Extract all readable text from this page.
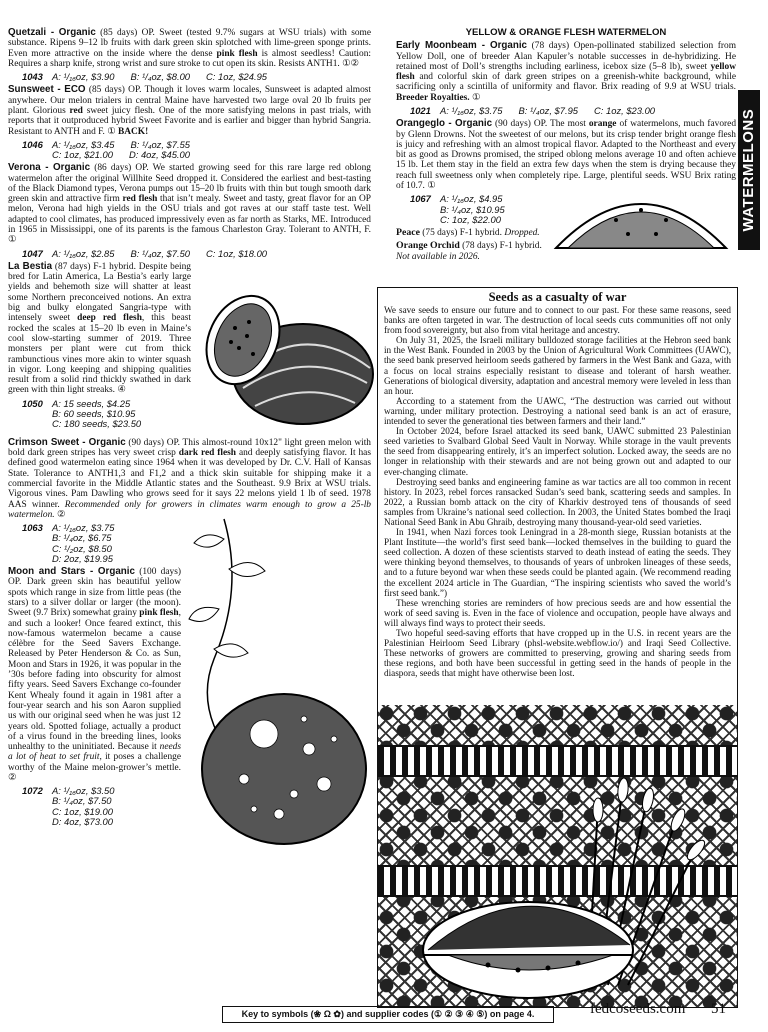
Quetzali - Organic (85 days) OP. Sweet (tested 9.7% sugars at WSU trials) with some substance. Ripens 9–12 lb fruits with dark green skin splotched with lime-green sponge prints. Even more attractive on the inside where the dense pink flesh is almost seedless! Caution: Requires a sharp knife, strong wrist and sure stroke to cut open its skin. Resists ANTH1. ①②

1043 A: ¹/₁₆oz, $3.90 B: ¹/₄oz, $8.00 C: 1oz, $24.95

Sunsweet - ECO (85 days) OP. Though it loves warm locales, Sunsweet is adapted almost anywhere. Our melon trialers in central Maine have harvested two large oval 20 lb fruits per plant. Glorious red sweet juicy flesh. One of the more satisfying melons in past trials, with reports that it outproduced hybrid Sweet Favorite and is earlier and bigger than hybrid Sangria. Resistant to ANTH and F. ① BACK!

1046 A: ¹/₁₆oz, $3.45 B: ¹/₄oz, $7.55
C: 1oz, $21.00 D: 4oz, $45.00

Verona - Organic (86 days) OP. We started growing seed for this rare large red oblong watermelon after the original Willhite Seed dropped it. Considered the earliest and best-tasting of the Black Diamond types, Verona pumps out 15–20 lb fruits with thin but tough smooth dark green skin and attractive firm red flesh that isn’t mealy. Sweet and tasty, great flavor for an OP melon, Verona had high yields in the OSU trials and got raves at our staff taste test. Well adapted to cool climates, has produced impressively even as far north as Starks, ME. Introduced in 1965 in Mississippi, one of its parents is the famous Charleston Gray. Tolerant to ANTH, F. ①

1047 A: ¹/₁₆oz, $2.85 B: ¹/₄oz, $7.50 C: 1oz, $18.00

La Bestia (87 days) F-1 hybrid. Despite being bred for Latin America, La Bestia’s early large yields and behemoth size will shatter at least some Northern preconceived notions. An extra big and bulky elongated Sangria-type with intensely sweet deep red flesh, this beast rocked the scales at 15–20 lb even in Maine’s cool slow-starting summer of 2019. Three monsters per plant were cut from thick rambunctious vines more akin to winter squash in vigor. Long keeping and shipping qualities result from a solid rind thickly swathed in dark green with thin light streaks. ④

1050 A: 15 seeds, $4.25
B: 60 seeds, $10.95
C: 180 seeds, $23.50

Crimson Sweet - Organic (90 days) OP. This almost-round 10x12" light green melon with bold dark green stripes has very sweet crisp dark red flesh and deeply satisfying flavor. It has defined good watermelon eating since 1964 when it was developed by Dr. C.V. Hall of Kansas State. Tolerance to ANTH1,3 and F1,2 and a thick skin suitable for shipping make it a commercial favorite in the Middle Atlantic states and the Southeast. 9.9 Brix at WSU trials. Vigorous vines. Pam Dawling who grows seed for it says 22 melons yield 1 lb of seed. 1978 AAS winner. Recommended only for growers in climates warm enough to grow a 25-lb watermelon. ②

1063 A: ¹/₁₆oz, $3.75
B: ¹/₄oz, $6.75
C: ¹/₂oz, $8.50
D: 2oz, $19.95

Moon and Stars - Organic (100 days) OP. Dark green skin has beautiful yellow spots which range in size from little peas (the stars) to a silver dollar or larger (the moon). Sweet (9.7 Brix) somewhat grainy pink flesh, and such a looker! Once feared extinct, this now-famous watermelon became a cause célèbre for the Seed Savers Exchange. Released by Peter Henderson & Co. as Sun, Moon and Stars in 1926, it was popular in the ’30s before fading into obscurity for almost fifty years. Seed Savers Exchange co-founder Kent Whealy found it again in 1981 after a four-year search and his son Aaron supplied us with our original seed when he was just 12 years old. Spotted foliage, actually a product of a virus found in the breeding lines, looks unhealthy to the uninitiated. Because it needs a lot of heat to set fruit, it poses a challenge worthy of the Maine melon-grower’s mettle. ②

1072 A: ¹/₁₆oz, $3.50
B: ¹/₄oz, $7.50
C: 1oz, $19.00
D: 4oz, $73.00
YELLOW & ORANGE FLESH WATERMELON

Early Moonbeam - Organic (78 days) Open-pollinated stabilized selection from Yellow Doll, one of breeder Alan Kapuler’s notable successes in de-hybridizing. He retained most of Doll’s strengths including earliness, icebox size (5–8 lb), sweet yellow flesh and colorful skin of dark green stripes on a greenish-white background, while sacrificing only a scintilla of uniformity and flavor. Brix reading of 9.9 at WSU trials. Breeder Royalties. ①

1021 A: ¹/₁₆oz, $3.75 B: ¹/₄oz, $7.95 C: 1oz, $23.00

Orangeglo - Organic (90 days) OP. The most orange of watermelons, much favored by Glenn Drowns. Not the sweetest of our melons, but its crisp tender bright orange flesh is juicy and refreshing with an almost tropical flavor. Adapted to the Northeast and every bit as good as Drowns promised, the striped oblong melons average 10 and often achieve 15 lb. Let them stay in the field an extra few days when the stem is drying because they reach full sweetness only when completely ripe. Large, plentiful seeds. WSU Brix rating of 10.7. ①

1067 A: ¹/₁₆oz, $4.95
B: ¹/₄oz, $10.95
C: 1oz, $22.00

Peace (75 days) F-1 hybrid. Dropped.

Orange Orchid (78 days) F-1 hybrid.
Not available in 2026.

WATERMELONS
Seeds as a casualty of war

We save seeds to ensure our future and to connect to our past. For these same reasons, seed banks are often targeted in war. The destruction of local seeds cuts communities off not only from food sovereignty, but also from vital heritage and ancestry.

On July 31, 2025, the Israeli military bulldozed storage facilities at the Hebron seed bank in the West Bank. Founded in 2003 by the Union of Agricultural Work Committees (UAWC), the seed bank preserved heirloom seeds gathered by farmers in the West Bank and Gaza, with a focus on local strains especially resistant to disease and tolerant of harsh weather. Generations of biological diversity, adaptation and ancestral memory were leveled in less than an hour.

According to a statement from the UAWC, “The destruction was carried out without warning, under military protection. Destroying a national seed bank is an act of erasure, intended to sever the generational ties between farmers and their land.”

In October 2024, before Israel attacked its seed bank, UAWC submitted 23 Palestinian seed varieties to Svalbard Global Seed Vault in Norway. While storage in the vault prevents the seed from disappearing entirely, it’s an imperfect solution. Locked away, the seeds are no longer in relationship with their stewards and are not being grown out and adapted to our ever-changing climate.

Destroying seed banks and engineering famine as war tactics are all too common in recent history. In 2023, rebel forces ransacked Sudan’s seed bank, scattering seeds and samples. In 2022, a Russian bomb attack on the city of Kharkiv destroyed tens of thousands of seed samples from Ukraine’s national seed collection. In 2003, the United States bombed the Iraqi National Seed Bank in Abu Ghraib, destroying many thousand-year-old seed varieties.

In 1941, when Nazi forces took Leningrad in a 28-month siege, Russian botanists at the Plant Institute—the world’s first seed bank—locked themselves in the building to guard the seed collection. A dozen of these scientists starved to death instead of eating the seeds. They were thinking beyond themselves, to thousands of years of unbroken lineages of these seeds, and to a future beyond war when these seeds could be planted again. (We recommend reading the excellent 2024 article in The Guardian, “The inspiring scientists who saved the world’s first seed bank.”)

These wrenching stories are reminders of how precious seeds are and how essential the work of seed saving is. Even in the face of violence and occupation, people have always and will always find ways to protect their seeds.

Two hopeful seed-saving efforts that have cropped up in the U.S. in recent years are the Palestinian Heirloom Seed Library (phsl-website.webflow.io/) and Iraqi Seed Collective. These networks of growers are committed to preserving, growing and sharing seeds from these regions, and both have been successful in getting seed in the hands of people in the diaspora, seeds that might have otherwise been lost.

Key to symbols (❀ Ω ✿) and supplier codes (① ② ③ ④ ⑤) on page 4.	fedcoseeds.com 51
